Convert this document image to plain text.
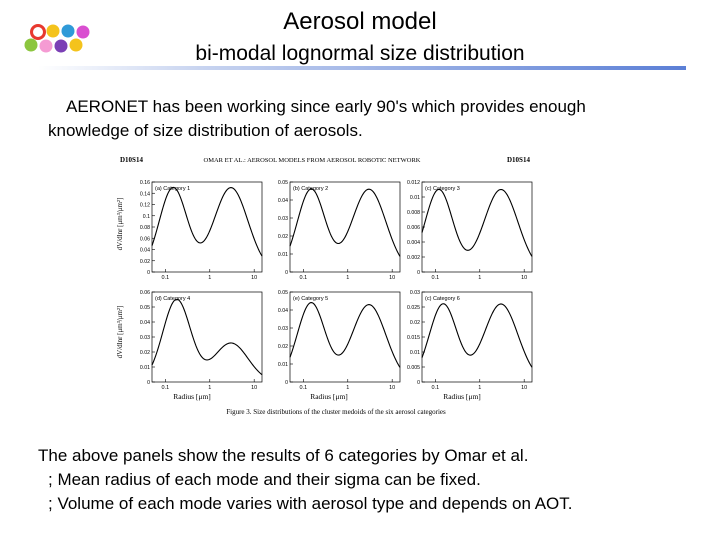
Aerosol model
bi-modal lognormal size distribution
AERONET has been working since early 90's which provides enough knowledge of size distribution of aerosols.
D10S14	OMAR ET AL.: AEROSOL MODELS FROM AEROSOL ROBOTIC NETWORK	D10S14
dV/dlnr [μm³/μm²]
dV/dlnr [μm³/μm²]
Radius [μm]	Radius [μm]	Radius [μm]
Figure 3. Size distributions of the cluster medoids of the six aerosol categories
0
0.02
0.04
0.06
0.08
0.1
0.12
0.14
0.16
0.1	1	10
(a) Category 1
0
0.01
0.02
0.03
0.04
0.05
0.1	1	10
(b) Category 2
0
0.002
0.004
0.006
0.008
0.01
0.012
0.1	1	10
(c) Category 3
0
0.01
0.02
0.03
0.04
0.05
0.06
0.1	1	10
(d) Category 4
0
0.01
0.02
0.03
0.04
0.05
0.1	1	10
(e) Category 5
0
0.005
0.01
0.015
0.02
0.025
0.03
0.1	1	10
(c) Category 6
The above panels show the results of 6 categories by Omar et al.
; Mean radius of each mode and their sigma can be fixed.
; Volume of each mode varies with aerosol type and depends on AOT.
